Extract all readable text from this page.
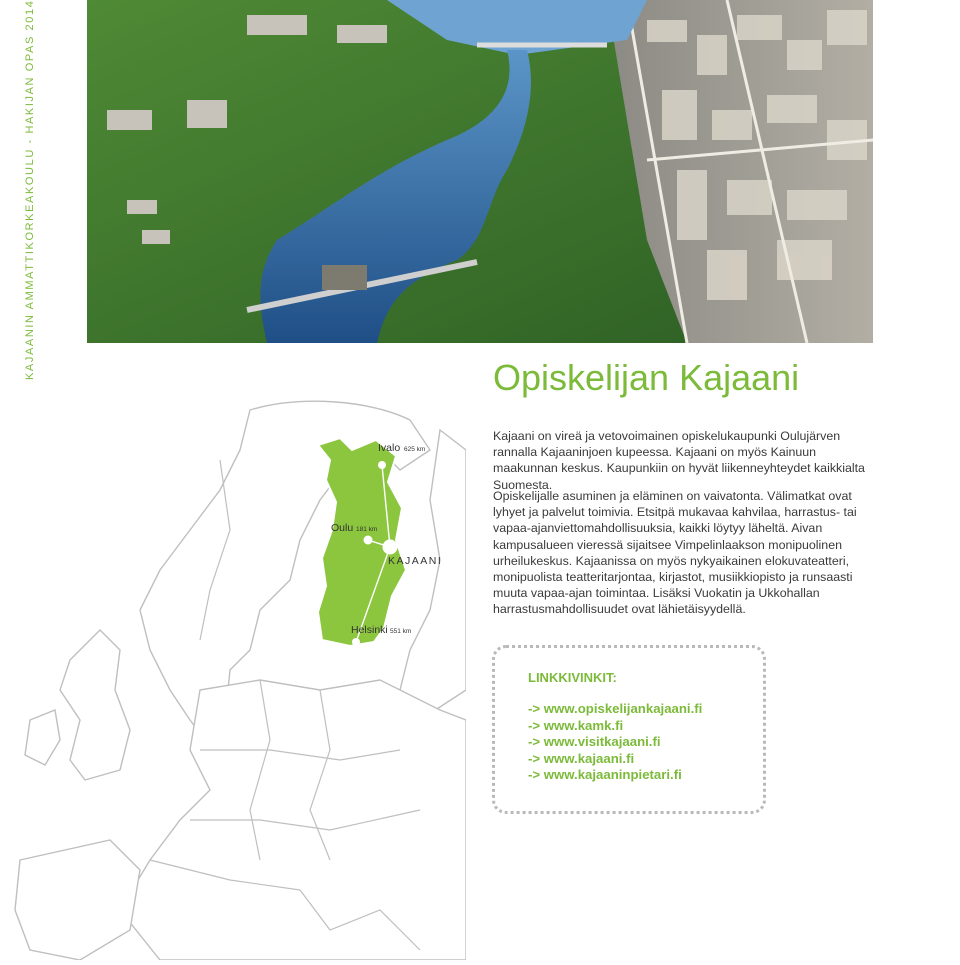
KAJAANIN AMMATTIKORKEAKOULU - HAKIJAN OPAS 2014
Ivalo 625 km
Oulu 181 km
KAJAANI
Helsinki 551 km
Opiskelijan Kajaani

Kajaani on vireä ja vetovoimainen opiskelukaupunki Oulujärven rannalla Kajaaninjoen kupeessa. Kajaani on myös Kainuun maakunnan keskus. Kaupunkiin on hyvät liikenneyhteydet kaikkialta Suomesta.

Opiskelijalle asuminen ja eläminen on vaivatonta. Välimatkat ovat lyhyet ja palvelut toimivia. Etsitpä mukavaa kahvilaa, harrastus- tai vapaa-ajanviettomahdollisuuksia, kaikki löytyy läheltä. Aivan kampusalueen vieressä sijaitsee Vimpelinlaakson monipuolinen urheilukeskus. Kajaanissa on myös nykyaikainen elokuvateatteri, monipuolista teatteritarjontaa, kirjastot, musiikkiopisto ja runsaasti muuta vapaa-ajan toimintaa. Lisäksi Vuokatin ja Ukkohallan harrastusmahdollisuudet ovat lähietäisyydellä.

LINKKIVINKIT:
-> www.opiskelijankajaani.fi
-> www.kamk.fi
-> www.visitkajaani.fi
-> www.kajaani.fi
-> www.kajaaninpietari.fi
